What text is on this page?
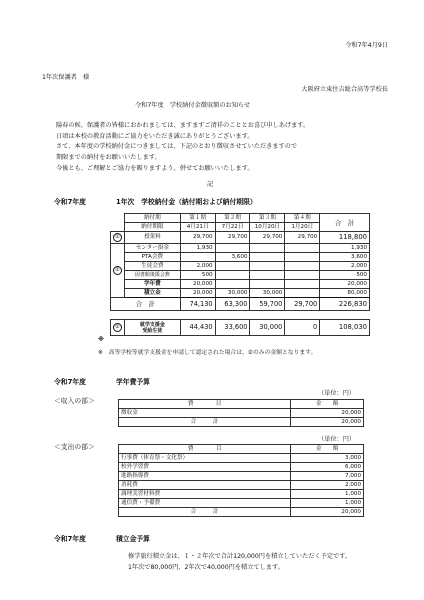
令和7年4月9日
1年次保護者　様
大阪府立東住吉総合高等学校長
令和7年度　学校納付金徴収額のお知らせ
陽春の候、保護者の皆様におかれましては、ますますご清祥のこととお喜び申しあげます。
日頃は本校の教育活動にご協力をいただき誠にありがとうございます。
さて、本年度の学校納付金につきましては、下記のとおり徴収させていただきますので
期限までの納付をお願いいたします。
今後とも、ご理解とご協力を賜りますよう、併せてお願いいたします。
記
令和7年度	1年次　学校納付金（納付期および納付期限）
	納付期	第１期	第２期	第３期	第４期	合　計
	納付期限	4月21日	7月22日	10月20日	1月20日	
①	授業料	29,700	29,700	29,700	29,700	118,800
②	センター掛金	1,930				1,930
	PTA会費		3,600			3,600
	生徒会費	2,000				2,000
	図書館後援会費	500				500
	学年費	20,000				20,000
	積立金	20,000	30,000	30,000		80,000
合　計		74,130	63,300	59,700	29,700	226,830

②	就学支援金
受給生徒	44,430	33,600	30,000	0	108,030
※
※　高等学校等就学支援金を申請して認定された場合は、②のみの金額となります。
令和7年度	学年費予算
（単位：円）
＜収入の部＞	費　　　　目	金　　額
徴収金	20,000
合　　　計	20,000
（単位：円）
＜支出の部＞	費　　　　目	金　　額
行事費（体育祭・文化祭）	3,000
校外学習費	6,000
進路指導費	7,000
消耗費	2,000
調理実習材料費	1,000
通信費・予備費	1,000
合　　　計	20,000
令和7年度	積立金予算
修学旅行積立金は、１・２年次で合計120,000円を積立していただく予定です。
1年次で80,000円、2年次で40,000円を積立てします。
